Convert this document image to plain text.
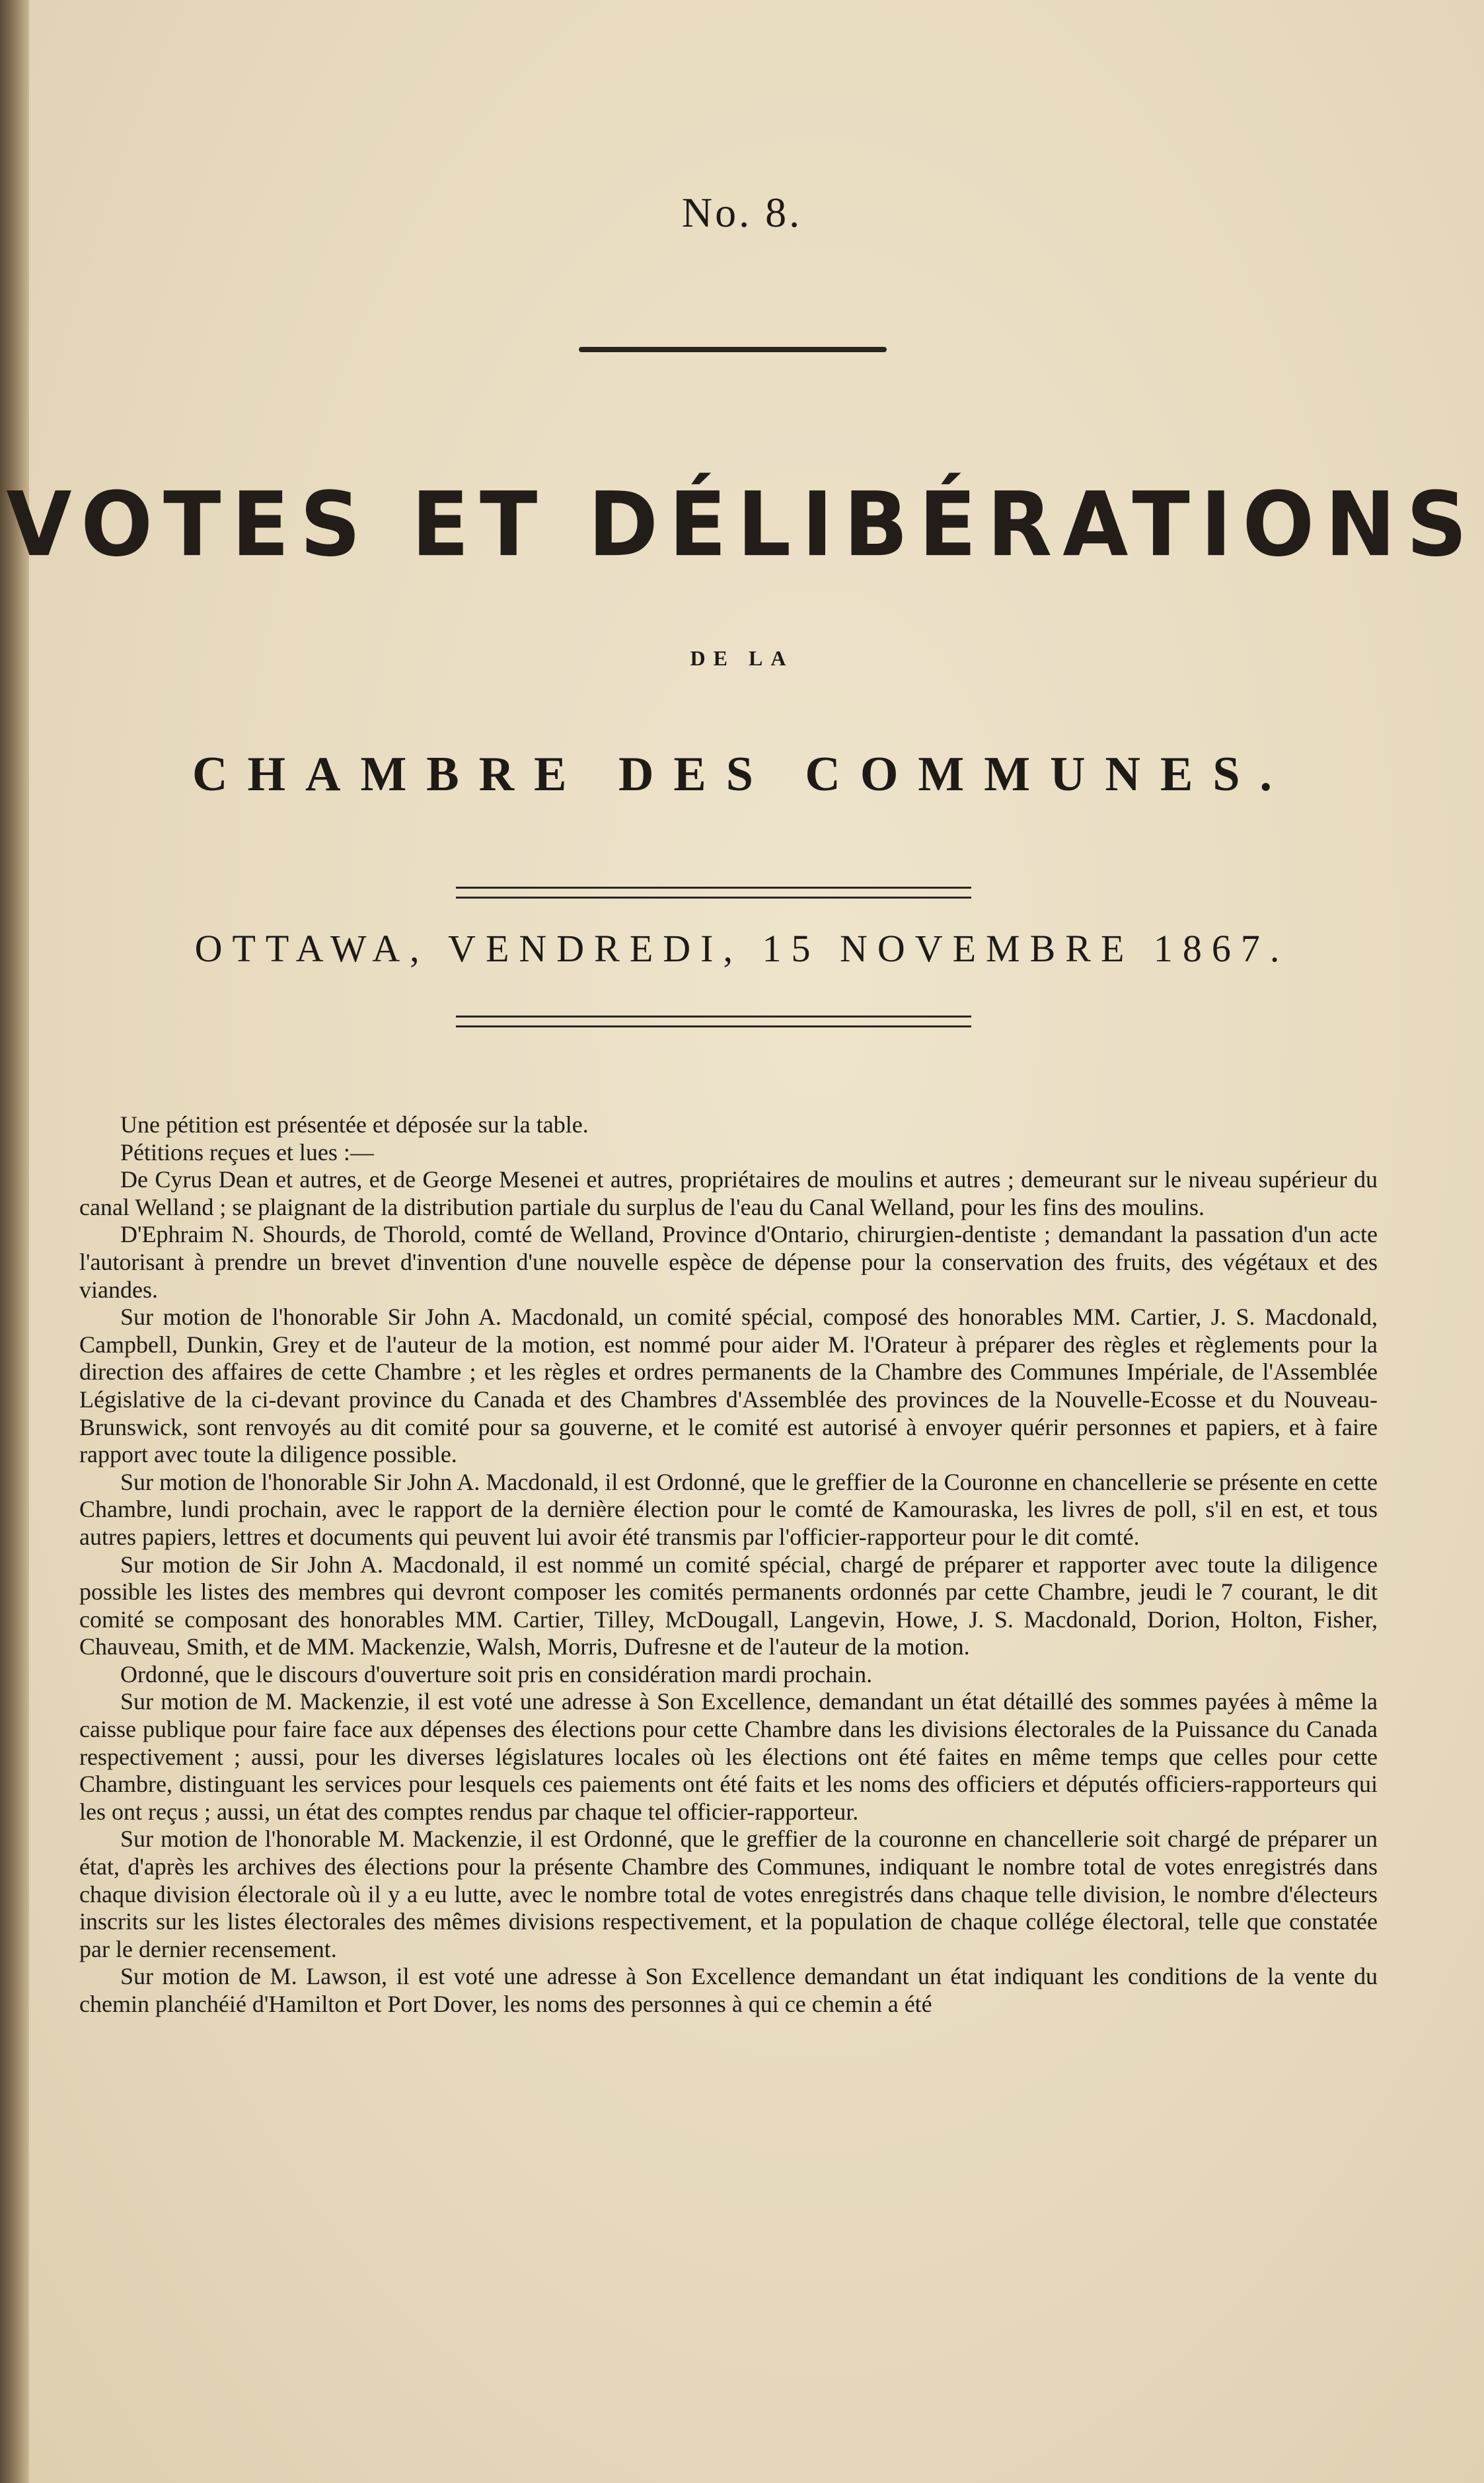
No. 8.
VOTES ET DÉLIBÉRATIONS
DE LA
CHAMBRE DES COMMUNES.
OTTAWA, VENDREDI, 15 NOVEMBRE 1867.

Une pétition est présentée et déposée sur la table.

Pétitions reçues et lues :—

De Cyrus Dean et autres, et de George Mesenei et autres, propriétaires de moulins et autres ; demeurant sur le niveau supérieur du canal Welland ; se plaignant de la distribution partiale du surplus de l'eau du Canal Welland, pour les fins des moulins.

D'Ephraim N. Shourds, de Thorold, comté de Welland, Province d'Ontario, chirurgien-dentiste ; demandant la passation d'un acte l'autorisant à prendre un brevet d'invention d'une nouvelle espèce de dépense pour la conservation des fruits, des végétaux et des viandes.

Sur motion de l'honorable Sir John A. Macdonald, un comité spécial, composé des honorables MM. Cartier, J. S. Macdonald, Campbell, Dunkin, Grey et de l'auteur de la motion, est nommé pour aider M. l'Orateur à préparer des règles et règlements pour la direction des affaires de cette Chambre ; et les règles et ordres permanents de la Chambre des Communes Impériale, de l'Assemblée Législative de la ci-devant province du Canada et des Chambres d'Assemblée des provinces de la Nouvelle-Ecosse et du Nouveau-Brunswick, sont renvoyés au dit comité pour sa gouverne, et le comité est autorisé à envoyer quérir personnes et papiers, et à faire rapport avec toute la diligence possible.

Sur motion de l'honorable Sir John A. Macdonald, il est Ordonné, que le greffier de la Couronne en chancellerie se présente en cette Chambre, lundi prochain, avec le rapport de la dernière élection pour le comté de Kamouraska, les livres de poll, s'il en est, et tous autres papiers, lettres et documents qui peuvent lui avoir été transmis par l'officier-rapporteur pour le dit comté.

Sur motion de Sir John A. Macdonald, il est nommé un comité spécial, chargé de préparer et rapporter avec toute la diligence possible les listes des membres qui devront composer les comités permanents ordonnés par cette Chambre, jeudi le 7 courant, le dit comité se composant des honorables MM. Cartier, Tilley, McDougall, Langevin, Howe, J. S. Macdonald, Dorion, Holton, Fisher, Chauveau, Smith, et de MM. Mackenzie, Walsh, Morris, Dufresne et de l'auteur de la motion.

Ordonné, que le discours d'ouverture soit pris en considération mardi prochain.

Sur motion de M. Mackenzie, il est voté une adresse à Son Excellence, demandant un état détaillé des sommes payées à même la caisse publique pour faire face aux dépenses des élections pour cette Chambre dans les divisions électorales de la Puissance du Canada respectivement ; aussi, pour les diverses législatures locales où les élections ont été faites en même temps que celles pour cette Chambre, distinguant les services pour lesquels ces paiements ont été faits et les noms des officiers et députés officiers-rapporteurs qui les ont reçus ; aussi, un état des comptes rendus par chaque tel officier-rapporteur.

Sur motion de l'honorable M. Mackenzie, il est Ordonné, que le greffier de la couronne en chancellerie soit chargé de préparer un état, d'après les archives des élections pour la présente Chambre des Communes, indiquant le nombre total de votes enregistrés dans chaque division électorale où il y a eu lutte, avec le nombre total de votes enregistrés dans chaque telle division, le nombre d'électeurs inscrits sur les listes électorales des mêmes divisions respectivement, et la population de chaque collége électoral, telle que constatée par le dernier recensement.

Sur motion de M. Lawson, il est voté une adresse à Son Excellence demandant un état indiquant les conditions de la vente du chemin planchéié d'Hamilton et Port Dover, les noms des personnes à qui ce chemin a été
